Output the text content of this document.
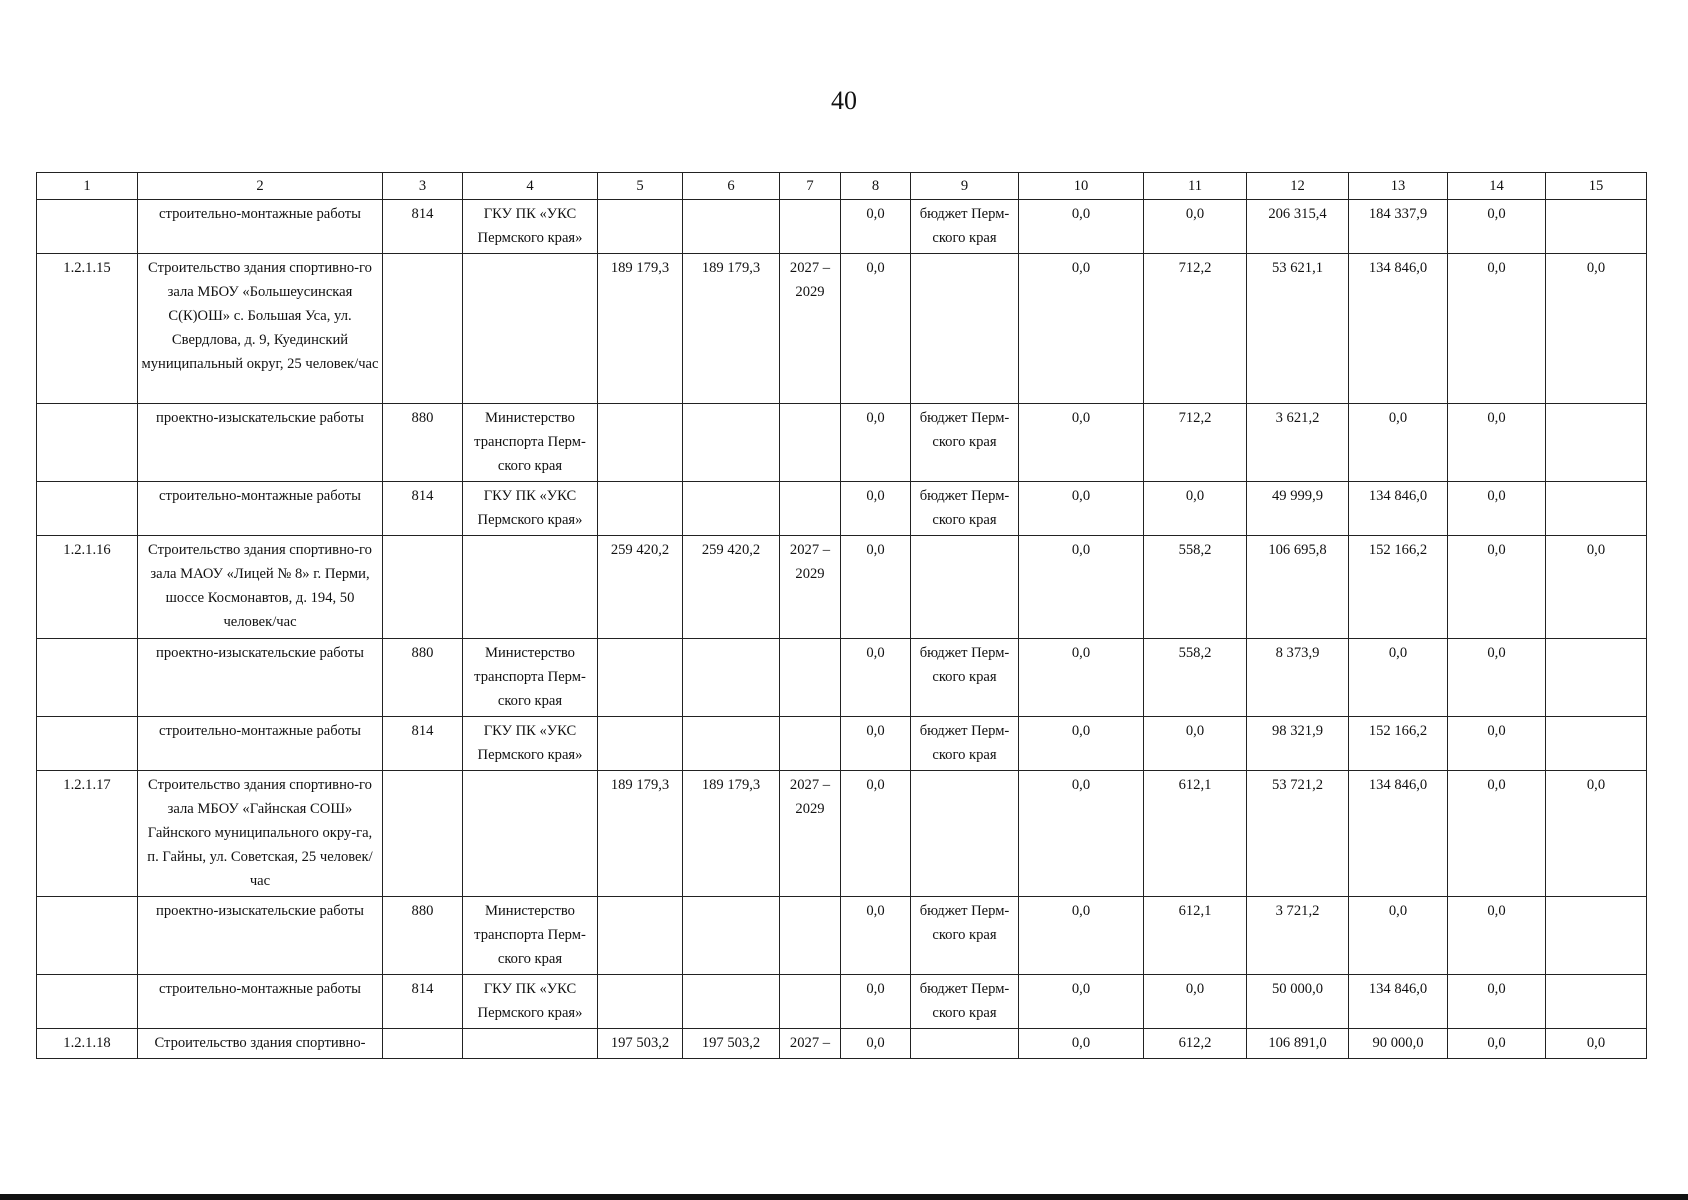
40
1	2	3	4	5	6	7	8	9	10	11	12	13	14	15
	строительно-монтажные работы	814	ГКУ ПК «УКС Пермского края»				0,0	бюджет Перм-ского края	0,0	0,0	206 315,4	184 337,9	0,0	
1.2.1.15	Строительство здания спортивно-го зала МБОУ «Большеусинская С(К)ОШ» с. Большая Уса, ул. Свердлова, д. 9, Куединский муниципальный округ, 25 человек/час			189 179,3	189 179,3	2027 – 2029	0,0		0,0	712,2	53 621,1	134 846,0	0,0	0,0
	проектно-изыскательские работы	880	Министерство транспорта Перм-ского края				0,0	бюджет Перм-ского края	0,0	712,2	3 621,2	0,0	0,0	
	строительно-монтажные работы	814	ГКУ ПК «УКС Пермского края»				0,0	бюджет Перм-ского края	0,0	0,0	49 999,9	134 846,0	0,0	
1.2.1.16	Строительство здания спортивно-го зала МАОУ «Лицей № 8» г. Перми, шоссе Космонавтов, д. 194, 50 человек/час			259 420,2	259 420,2	2027 – 2029	0,0		0,0	558,2	106 695,8	152 166,2	0,0	0,0
	проектно-изыскательские работы	880	Министерство транспорта Перм-ского края				0,0	бюджет Перм-ского края	0,0	558,2	8 373,9	0,0	0,0	
	строительно-монтажные работы	814	ГКУ ПК «УКС Пермского края»				0,0	бюджет Перм-ского края	0,0	0,0	98 321,9	152 166,2	0,0	
1.2.1.17	Строительство здания спортивно-го зала МБОУ «Гайнская СОШ» Гайнского муниципального окру-га, п. Гайны, ул. Советская, 25 человек/час			189 179,3	189 179,3	2027 – 2029	0,0		0,0	612,1	53 721,2	134 846,0	0,0	0,0
	проектно-изыскательские работы	880	Министерство транспорта Перм-ского края				0,0	бюджет Перм-ского края	0,0	612,1	3 721,2	0,0	0,0	
	строительно-монтажные работы	814	ГКУ ПК «УКС Пермского края»				0,0	бюджет Перм-ского края	0,0	0,0	50 000,0	134 846,0	0,0	
1.2.1.18	Строительство здания спортивно-			197 503,2	197 503,2	2027 –	0,0		0,0	612,2	106 891,0	90 000,0	0,0	0,0
